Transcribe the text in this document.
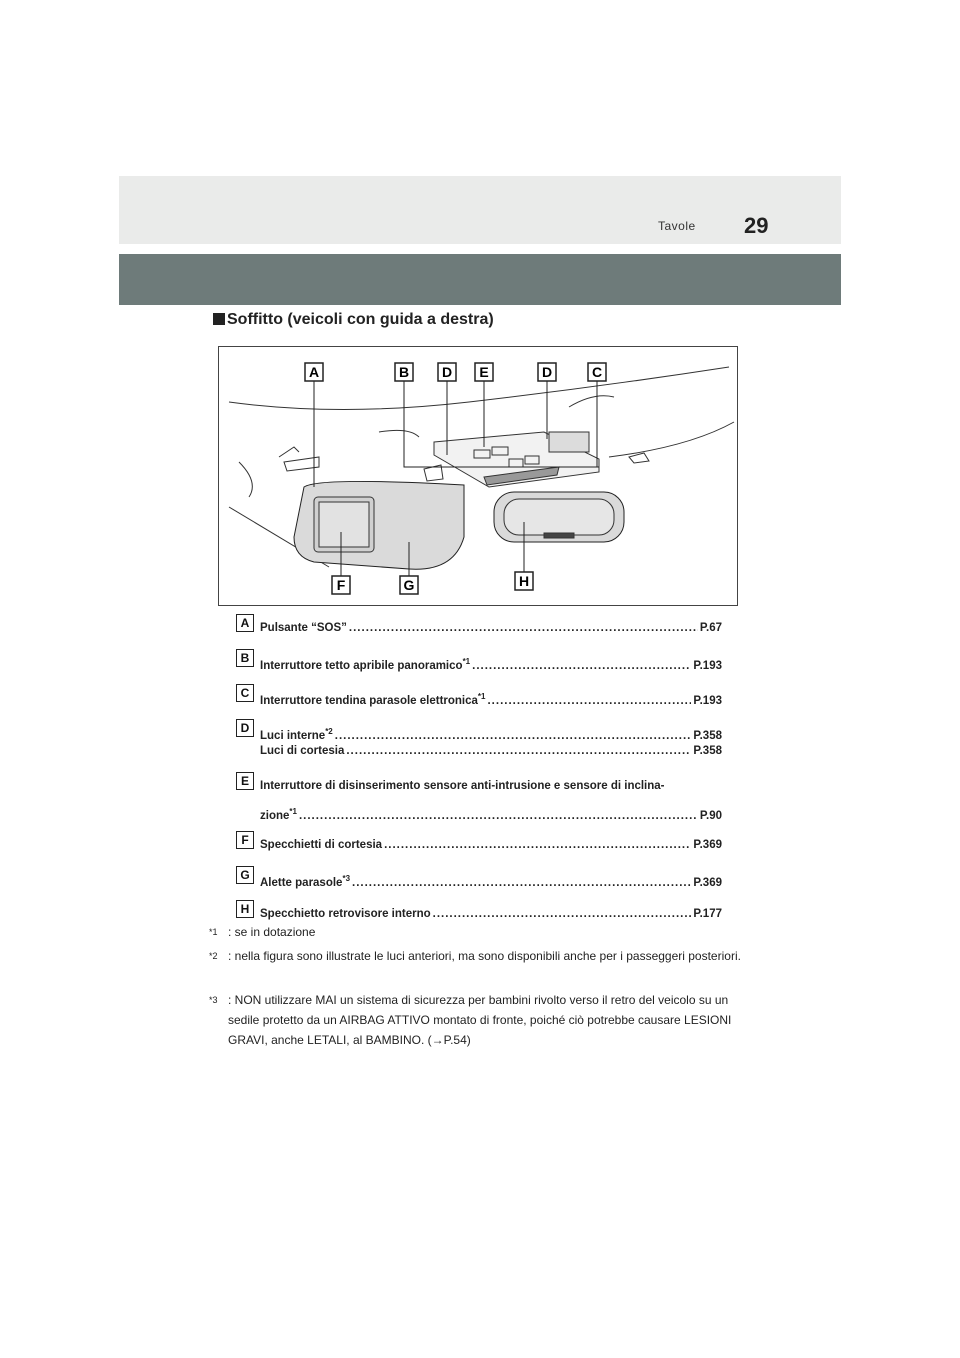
Tavole 29
Soffitto (veicoli con guida a destra)
A	B D E	D	C
F	G	H
A Pulsante “SOS” .....	P.67
B
Interruttore tetto apribile panoramico$^{*1}$ .....	P.193
C
Interruttore tendina parasole elettronica$^{*1}$ .....	P.193
D
Luci interne$^{*2}$ .....	P.358
Luci di cortesia .....	P.358
E Interruttore di disinserimento sensore anti-intrusione e sensore di inclina-
zione$^{*1}$ .....	P.90
F Specchietti di cortesia .....	P.369
G
Alette parasole$^{*3}$ .....	P.369
H Specchietto retrovisore interno .....	P.177
$^{*1}$ : se in dotazione
$^{*2}$ : nella figura sono illustrate le luci anteriori, ma sono disponibili anche per i passeggeri posteriori.
$^{*3}$ : NON utilizzare MAI un sistema di sicurezza per bambini rivolto verso il retro del veicolo su un sedile protetto da un AIRBAG ATTIVO montato di fronte, poiché ciò potrebbe causare LESIONI GRAVI, anche LETALI, al BAMBINO. (→P.54)
